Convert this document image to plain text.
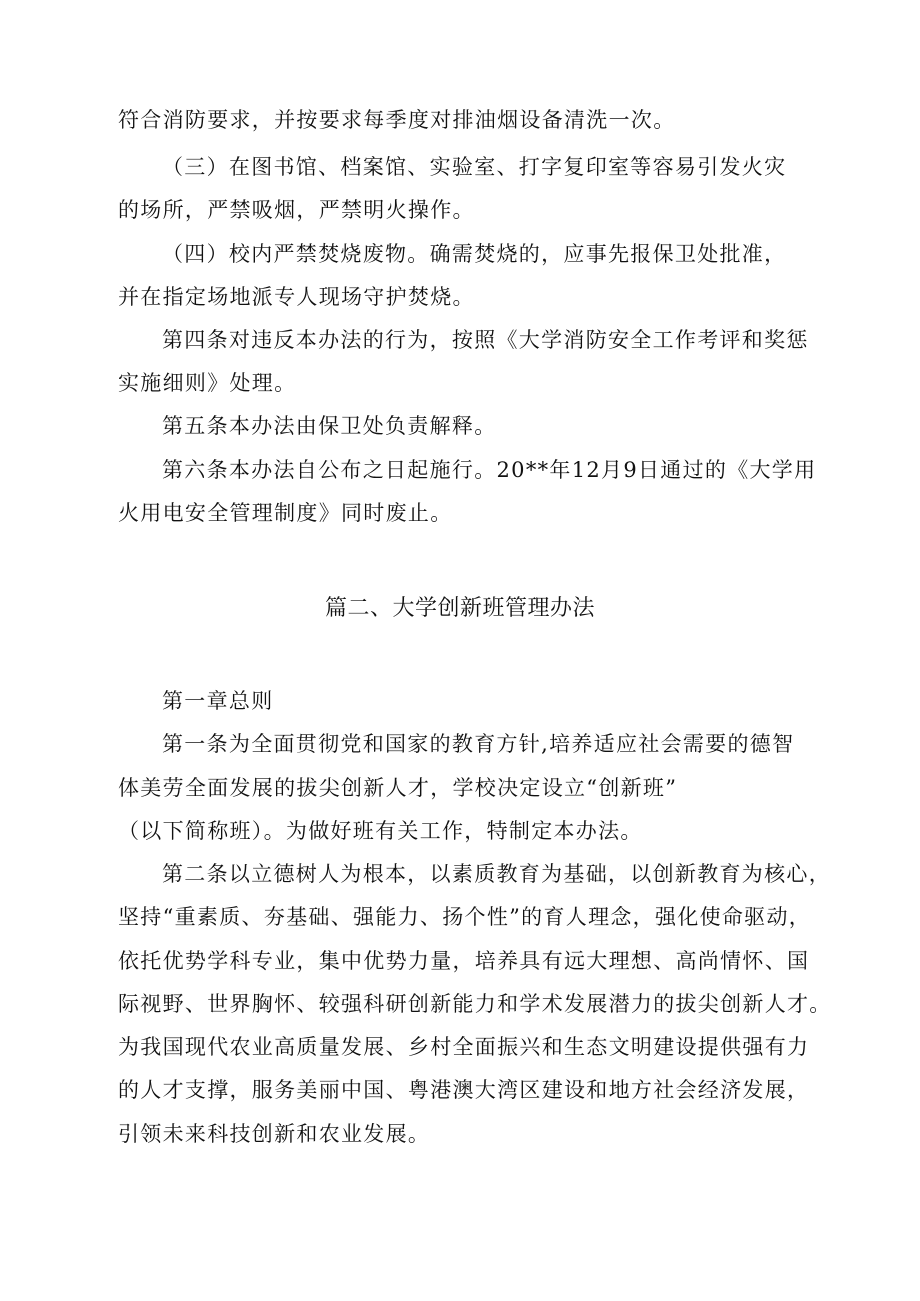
符合消防要求，并按要求每季度对排油烟设备清洗一次。
（三）在图书馆、档案馆、实验室、打字复印室等容易引发火灾
的场所，严禁吸烟，严禁明火操作。
（四）校内严禁焚烧废物。确需焚烧的，应事先报保卫处批准，
并在指定场地派专人现场守护焚烧。
第四条对违反本办法的行为，按照《大学消防安全工作考评和奖惩
实施细则》处理。
第五条本办法由保卫处负责解释。
第六条本办法自公布之日起施行。20**年12月9日通过的《大学用
火用电安全管理制度》同时废止。
篇二、大学创新班管理办法
第一章总则
第一条为全面贯彻党和国家的教育方针,培养适应社会需要的德智
体美劳全面发展的拔尖创新人才，学校决定设立“创新班”
（以下简称班）。为做好班有关工作，特制定本办法。
第二条以立德树人为根本，以素质教育为基础，以创新教育为核心，
坚持“重素质、夯基础、强能力、扬个性”的育人理念，强化使命驱动，
依托优势学科专业，集中优势力量，培养具有远大理想、高尚情怀、国
际视野、世界胸怀、较强科研创新能力和学术发展潜力的拔尖创新人才。
为我国现代农业高质量发展、乡村全面振兴和生态文明建设提供强有力
的人才支撑，服务美丽中国、粤港澳大湾区建设和地方社会经济发展，
引领未来科技创新和农业发展。
